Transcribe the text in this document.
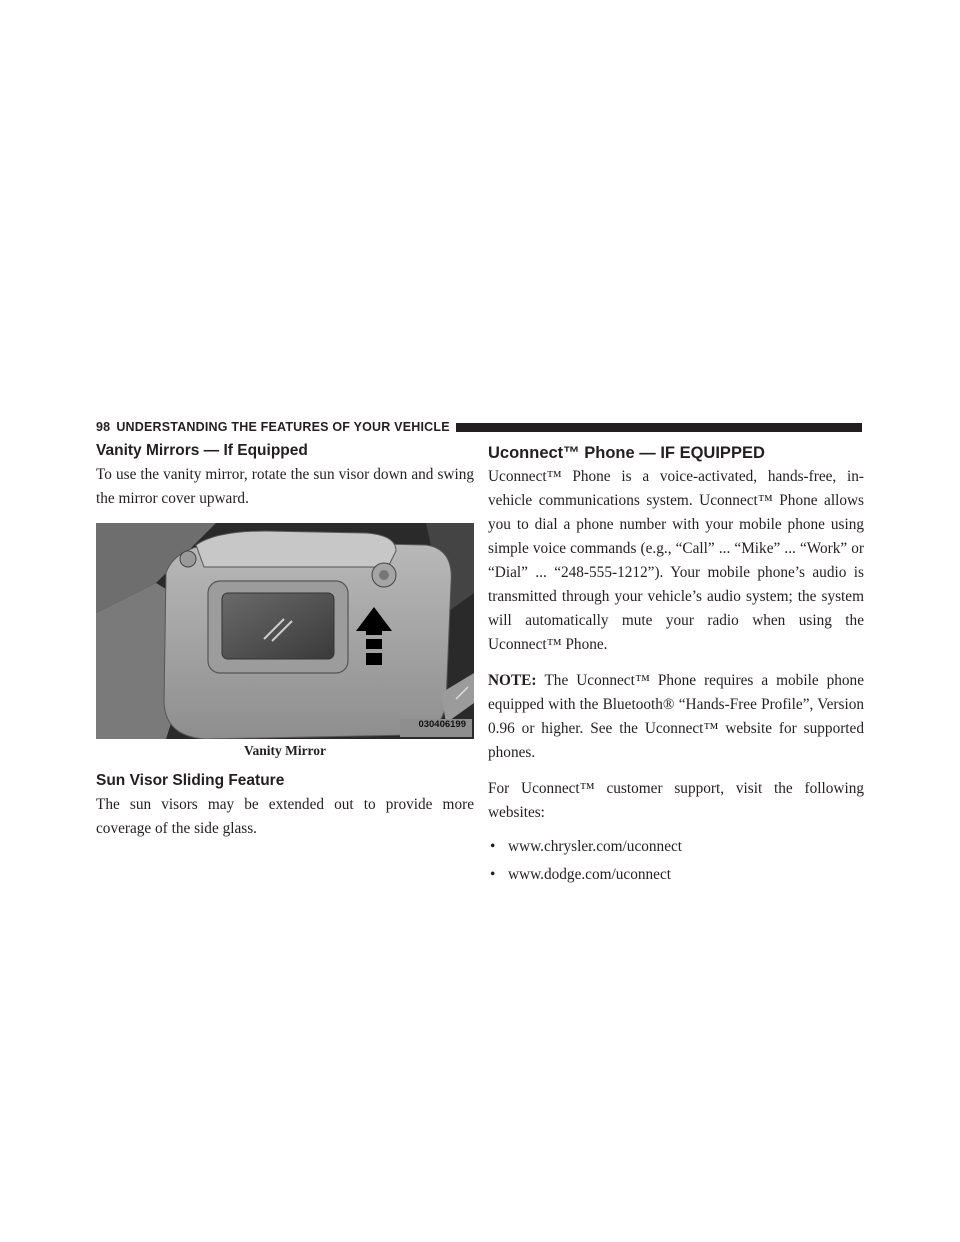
98 UNDERSTANDING THE FEATURES OF YOUR VEHICLE
Vanity Mirrors — If Equipped

To use the vanity mirror, rotate the sun visor down and swing the mirror cover upward.

030406199
Vanity Mirror
Sun Visor Sliding Feature

The sun visors may be extended out to provide more coverage of the side glass.

Uconnect™ Phone — IF EQUIPPED

Uconnect™ Phone is a voice-activated, hands-free, in-vehicle communications system. Uconnect™ Phone allows you to dial a phone number with your mobile phone using simple voice commands (e.g., “Call” ... “Mike” ... “Work” or “Dial” ... “248-555-1212”). Your mobile phone’s audio is transmitted through your vehicle’s audio system; the system will automatically mute your radio when using the Uconnect™ Phone.

NOTE: The Uconnect™ Phone requires a mobile phone equipped with the Bluetooth® “Hands-Free Profile”, Version 0.96 or higher. See the Uconnect™ website for supported phones.

For Uconnect™ customer support, visit the following websites:

• www.chrysler.com/uconnect
• www.dodge.com/uconnect
